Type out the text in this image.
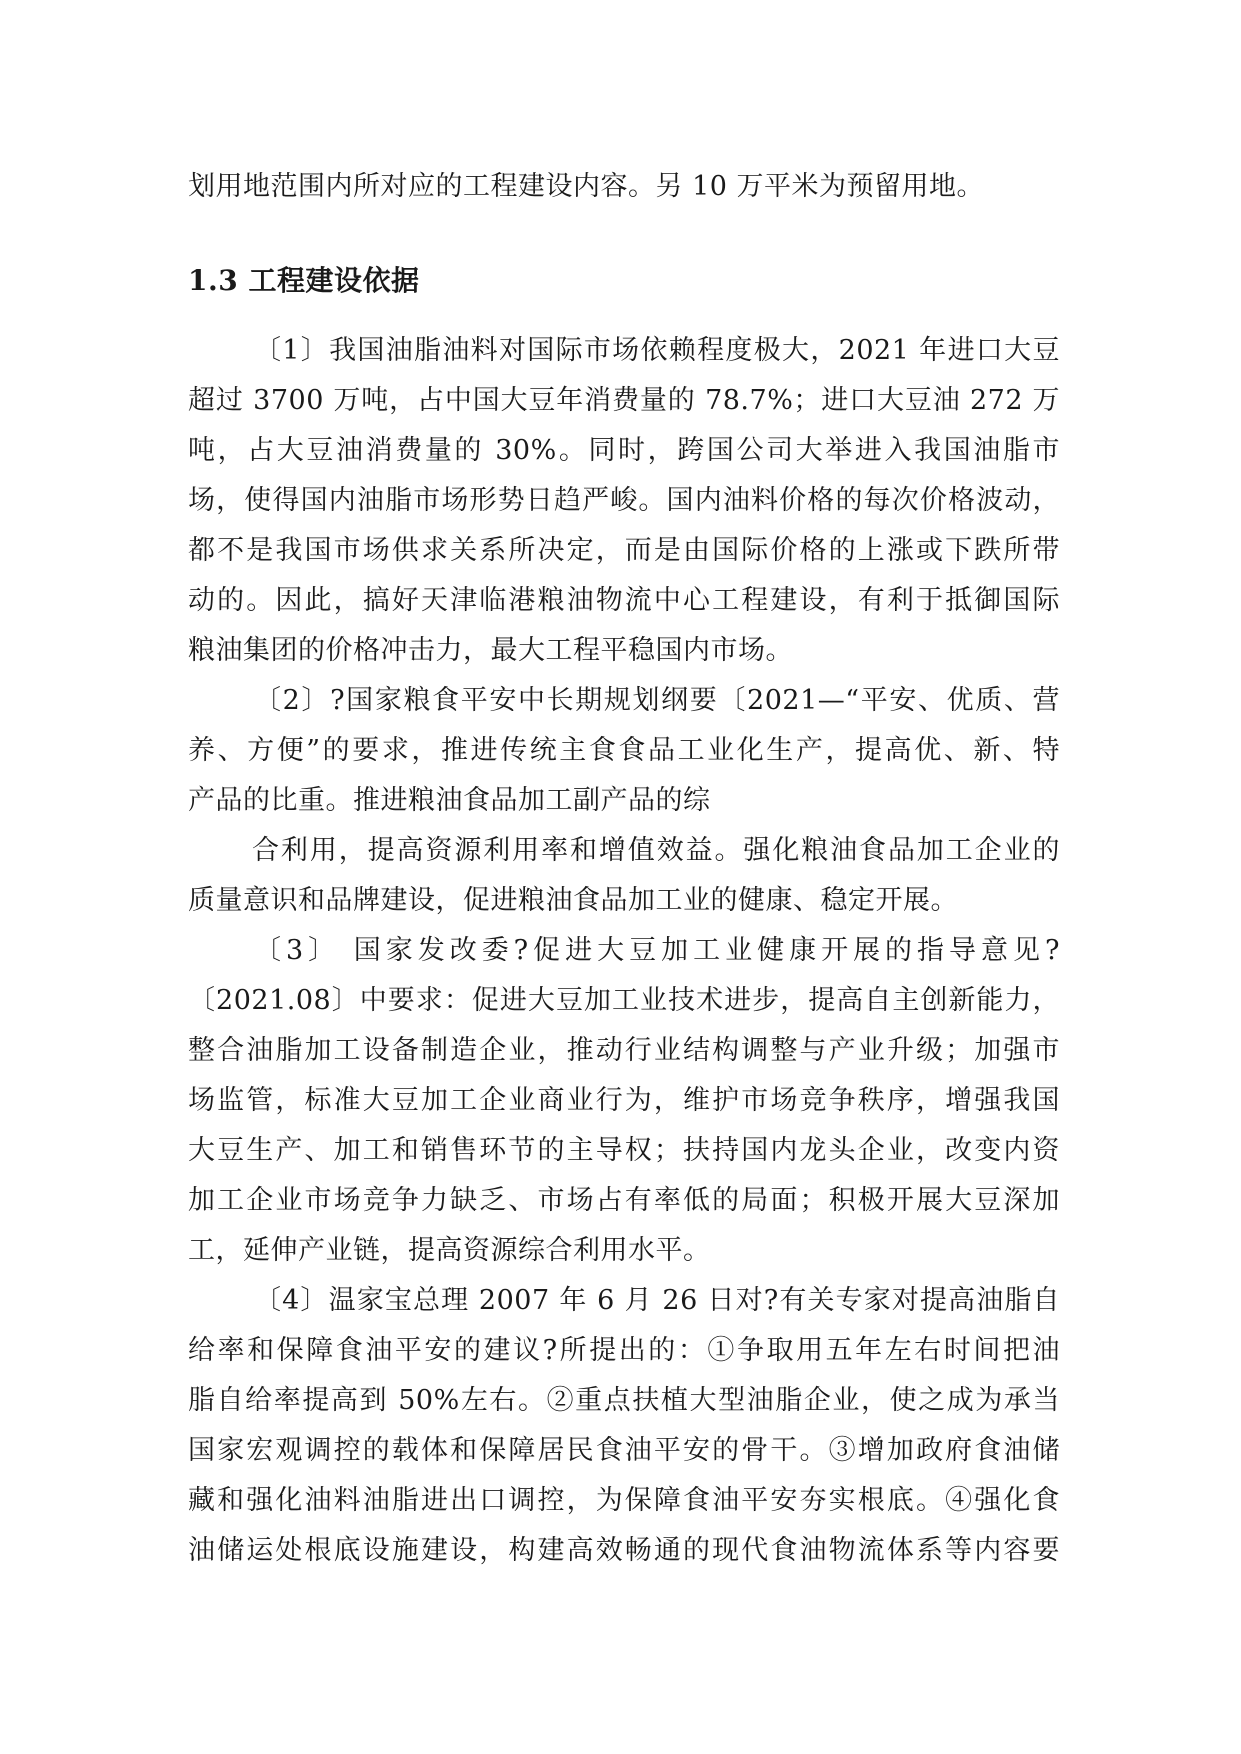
划用地范围内所对应的工程建设内容。另 10 万平米为预留用地。
1.3 工程建设依据
〔1〕我国油脂油料对国际市场依赖程度极大，2021 年进口大豆
超过 3700 万吨，占中国大豆年消费量的 78.7%；进口大豆油 272 万
吨，占大豆油消费量的 30%。同时，跨国公司大举进入我国油脂市
场，使得国内油脂市场形势日趋严峻。国内油料价格的每次价格波动，
都不是我国市场供求关系所决定，而是由国际价格的上涨或下跌所带
动的。因此，搞好天津临港粮油物流中心工程建设，有利于抵御国际
粮油集团的价格冲击力，最大工程平稳国内市场。
〔2〕?国家粮食平安中长期规划纲要〔2021—“平安、优质、营
养、方便”的要求，推进传统主食食品工业化生产，提高优、新、特
产品的比重。推进粮油食品加工副产品的综
合利用，提高资源利用率和增值效益。强化粮油食品加工企业的
质量意识和品牌建设，促进粮油食品加工业的健康、稳定开展。
〔3〕 国家发改委?促进大豆加工业健康开展的指导意见?
〔2021.08〕中要求：促进大豆加工业技术进步，提高自主创新能力，
整合油脂加工设备制造企业，推动行业结构调整与产业升级；加强市
场监管，标准大豆加工企业商业行为，维护市场竞争秩序，增强我国
大豆生产、加工和销售环节的主导权；扶持国内龙头企业，改变内资
加工企业市场竞争力缺乏、市场占有率低的局面；积极开展大豆深加
工，延伸产业链，提高资源综合利用水平。
〔4〕温家宝总理 2007 年 6 月 26 日对?有关专家对提高油脂自
给率和保障食油平安的建议?所提出的：①争取用五年左右时间把油
脂自给率提高到 50%左右。②重点扶植大型油脂企业，使之成为承当
国家宏观调控的载体和保障居民食油平安的骨干。③增加政府食油储
藏和强化油料油脂进出口调控，为保障食油平安夯实根底。④强化食
油储运处根底设施建设，构建高效畅通的现代食油物流体系等内容要
